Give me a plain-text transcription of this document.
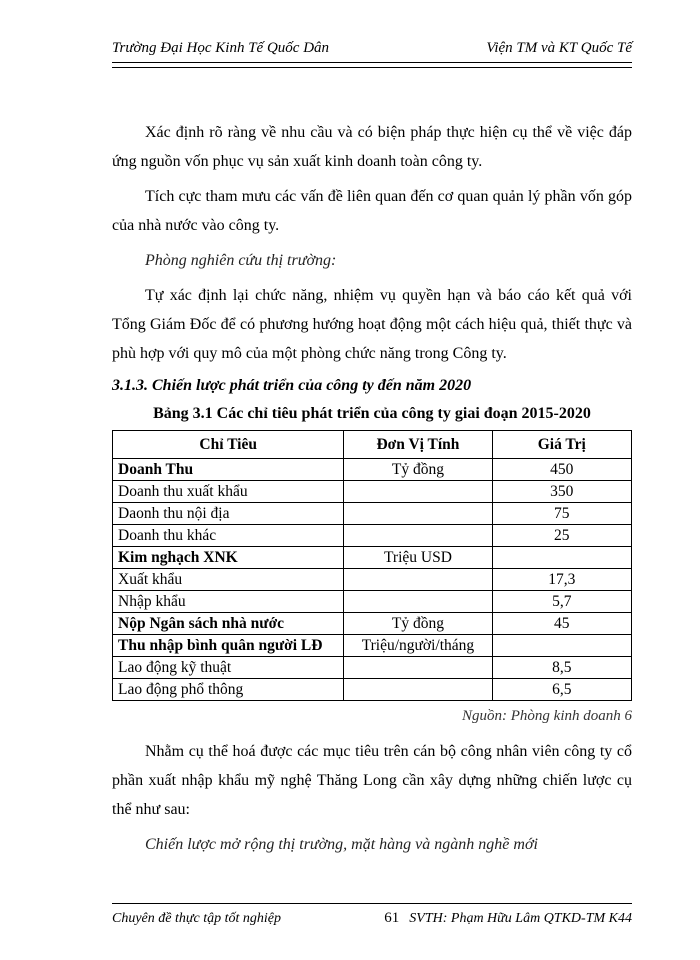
Trường Đại Học Kinh Tế Quốc Dân	Viện TM và KT Quốc Tế

Xác định rõ ràng về nhu cầu và có biện pháp thực hiện cụ thể về việc đáp ứng nguồn vốn phục vụ sản xuất kinh doanh toàn công ty.

Tích cực tham mưu các vấn đề liên quan đến cơ quan quản lý phần vốn góp của nhà nước vào công ty.

Phòng nghiên cứu thị trường:

Tự xác định lại chức năng, nhiệm vụ quyền hạn và báo cáo kết quả với Tổng Giám Đốc để có phương hướng hoạt động một cách hiệu quả, thiết thực và phù hợp với quy mô của một phòng chức năng trong Công ty.

3.1.3. Chiến lược phát triển của công ty đến năm 2020
Bảng 3.1 Các chỉ tiêu phát triển của công ty giai đoạn 2015-2020
Chỉ Tiêu	Đơn Vị Tính	Giá Trị
Doanh Thu	Tỷ đồng	450
Doanh thu xuất khẩu		350
Daonh thu nội địa		75
Doanh thu khác		25
Kim nghạch XNK	Triệu USD	
Xuất khẩu		17,3
Nhập khẩu		5,7
Nộp Ngân sách nhà nước	Tỷ đồng	45
Thu nhập bình quân người LĐ	Triệu/người/tháng	
Lao động kỹ thuật		8,5
Lao động phổ thông		6,5
Nguồn: Phòng kinh doanh 6

Nhằm cụ thể hoá được các mục tiêu trên cán bộ công nhân viên công ty cổ phần xuất nhập khẩu mỹ nghệ Thăng Long cần xây dựng những chiến lược cụ thể như sau:

Chiến lược mở rộng thị trường, mặt hàng và ngành nghề mới

Chuyên đề thực tập tốt nghiệp	61 SVTH: Phạm Hữu Lâm QTKD-TM K44
